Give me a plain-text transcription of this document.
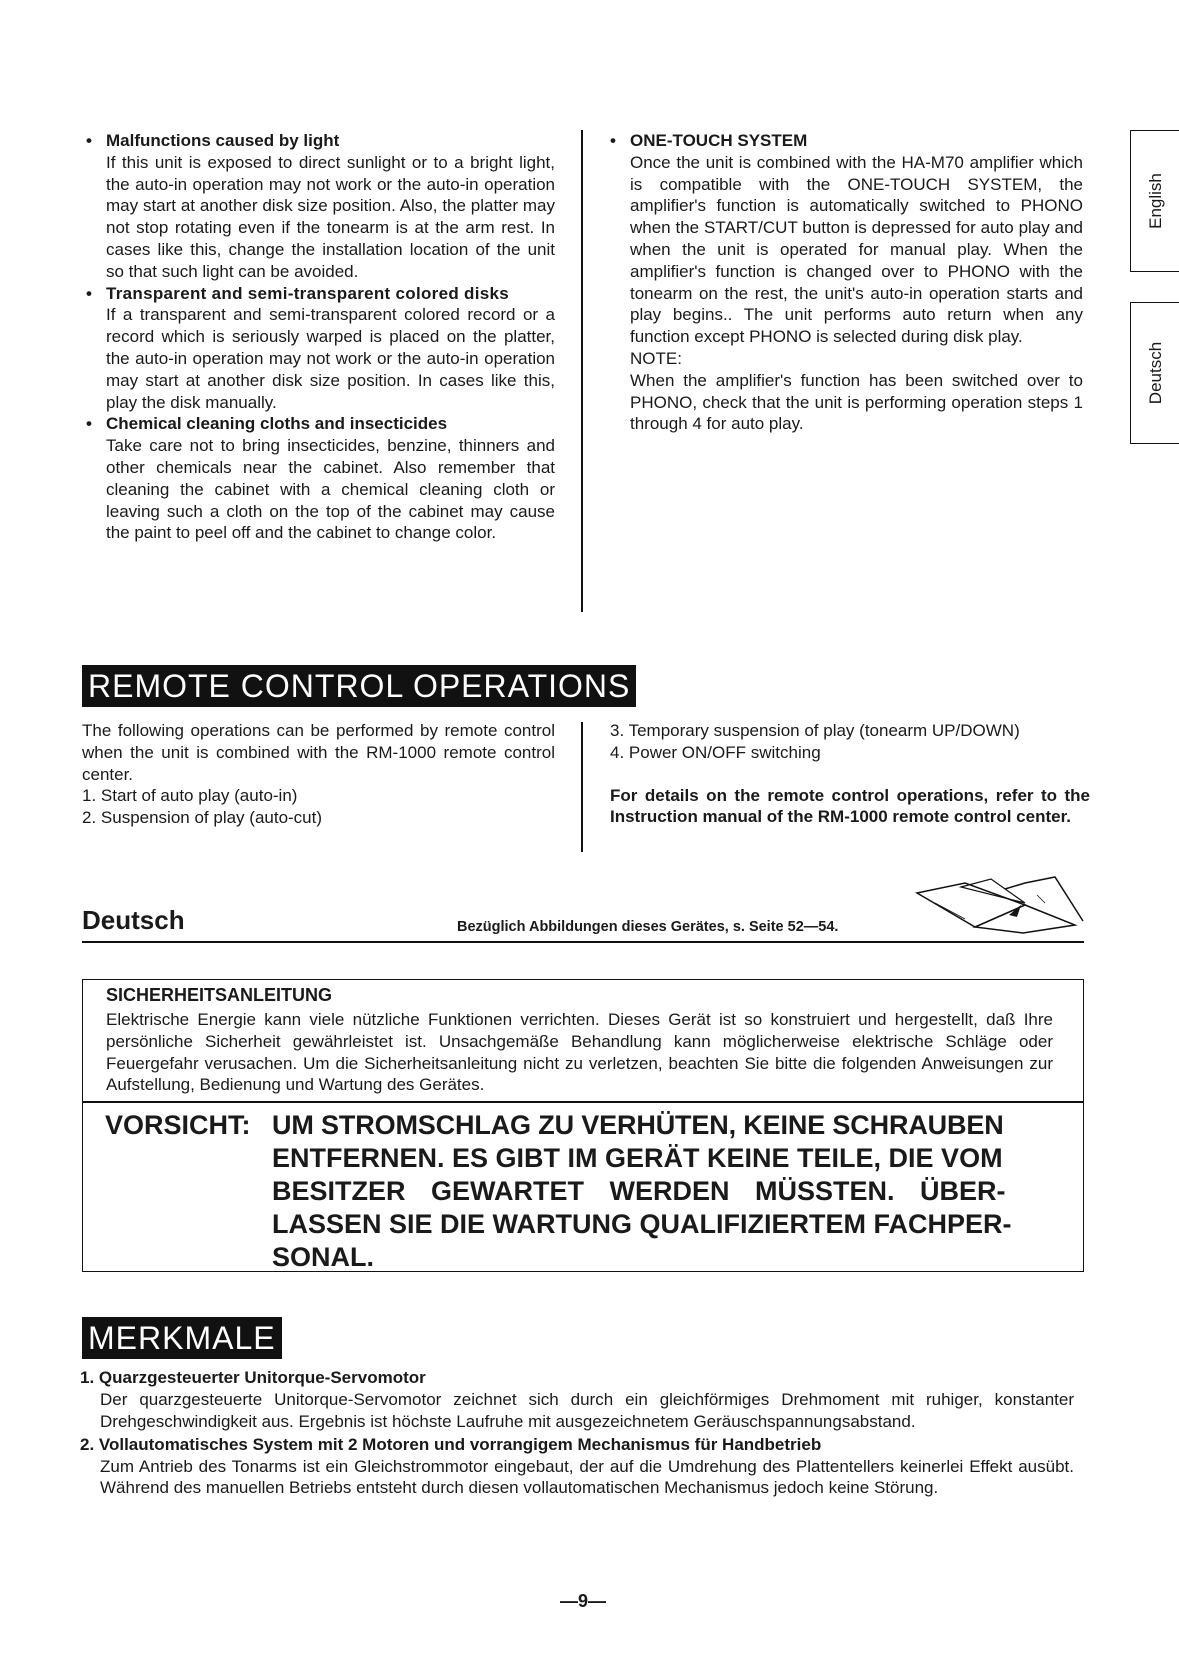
• Malfunctions caused by light

If this unit is exposed to direct sunlight or to a bright light, the auto-in operation may not work or the auto-in operation may start at another disk size position. Also, the platter may not stop rotating even if the tonearm is at the arm rest. In cases like this, change the installation location of the unit so that such light can be avoided.

• Transparent and semi-transparent colored disks

If a transparent and semi-transparent colored record or a record which is seriously warped is placed on the platter, the auto-in operation may not work or the auto-in operation may start at another disk size position. In cases like this, play the disk manually.

• Chemical cleaning cloths and insecticides

Take care not to bring insecticides, benzine, thinners and other chemicals near the cabinet. Also remember that cleaning the cabinet with a chemical cleaning cloth or leaving such a cloth on the top of the cabinet may cause the paint to peel off and the cabinet to change color.

• ONE-TOUCH SYSTEM

Once the unit is combined with the HA-M70 amplifier which is compatible with the ONE-TOUCH SYSTEM, the amplifier's function is automatically switched to PHONO when the START/CUT button is depressed for auto play and when the unit is operated for manual play. When the amplifier's function is changed over to PHONO with the tonearm on the rest, the unit's auto-in operation starts and play begins.. The unit performs auto return when any function except PHONO is selected during disk play.

NOTE:

When the amplifier's function has been switched over to PHONO, check that the unit is performing operation steps 1 through 4 for auto play.

English
Deutsch
REMOTE CONTROL OPERATIONS

The following operations can be performed by remote control when the unit is combined with the RM-1000 remote control center.

1. Start of auto play (auto-in)

2. Suspension of play (auto-cut)

3. Temporary suspension of play (tonearm UP/DOWN)

4. Power ON/OFF switching

For details on the remote control operations, refer to the Instruction manual of the RM-1000 remote control center.

Deutsch	Bezüglich Abbildungen dieses Gerätes, s. Seite 52—54.
SICHERHEITSANLEITUNG
Elektrische Energie kann viele nützliche Funktionen verrichten. Dieses Gerät ist so konstruiert und hergestellt, daß Ihre persönliche Sicherheit gewährleistet ist. Unsachgemäße Behandlung kann möglicherweise elektrische Schläge oder Feuergefahr verusachen. Um die Sicherheitsanleitung nicht zu verletzen, beachten Sie bitte die folgenden Anweisungen zur Aufstellung, Bedienung und Wartung des Gerätes.
VORSICHT: UM STROMSCHLAG ZU VERHÜTEN, KEINE SCHRAUBEN
ENTFERNEN. ES GIBT IM GERÄT KEINE TEILE, DIE VOM
BESITZER GEWARTET WERDEN MÜSSTEN. ÜBER-
LASSEN SIE DIE WARTUNG QUALIFIZIERTEM FACHPER-
SONAL.
MERKMALE
1. Quarzgesteuerter Unitorque-Servomotor
Der quarzgesteuerte Unitorque-Servomotor zeichnet sich durch ein gleichförmiges Drehmoment mit ruhiger, konstanter Drehgeschwindigkeit aus. Ergebnis ist höchste Laufruhe mit ausgezeichnetem Geräuschspannungsabstand.
2. Vollautomatisches System mit 2 Motoren und vorrangigem Mechanismus für Handbetrieb
Zum Antrieb des Tonarms ist ein Gleichstrommotor eingebaut, der auf die Umdrehung des Plattentellers keinerlei Effekt ausübt. Während des manuellen Betriebs entsteht durch diesen vollautomatischen Mechanismus jedoch keine Störung.
—9—
